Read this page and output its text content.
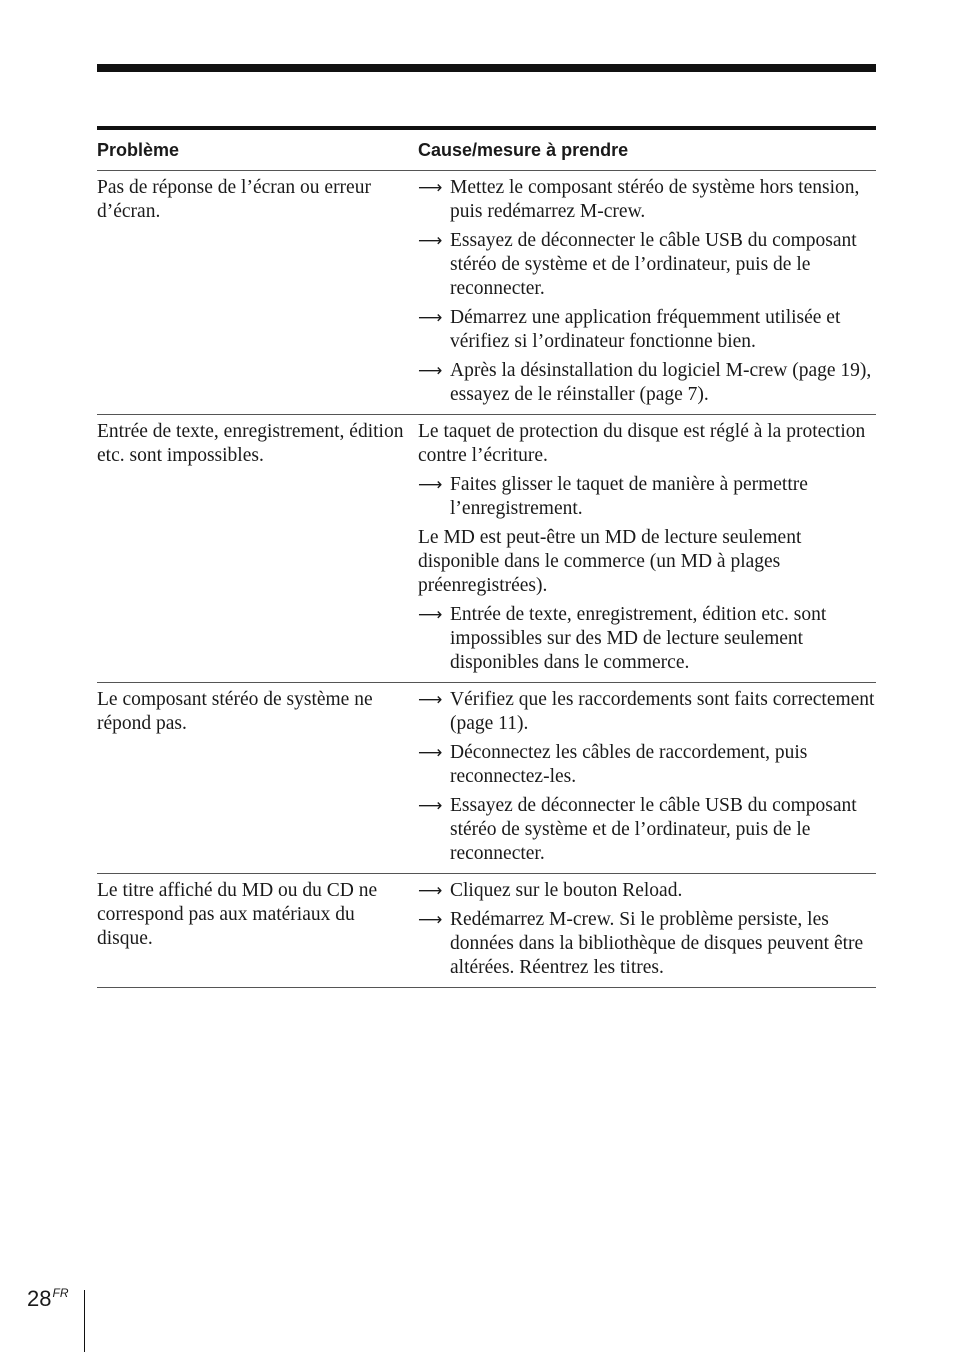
Problème	Cause/mesure à prendre
Pas de réponse de l’écran ou erreur d’écran.
⟶ Mettez le composant stéréo de système hors tension, puis redémarrez M-crew.
⟶ Essayez de déconnecter le câble USB du composant stéréo de système et de l’ordinateur, puis de le reconnecter.
⟶ Démarrez une application fréquemment utilisée et vérifiez si l’ordinateur fonctionne bien.
⟶ Après la désinstallation du logiciel M-crew (page 19), essayez de le réinstaller (page 7).
Entrée de texte, enregistrement, édition etc. sont impossibles.
Le taquet de protection du disque est réglé à la protection contre l’écriture.
⟶ Faites glisser le taquet de manière à permettre l’enregistrement.
Le MD est peut-être un MD de lecture seulement disponible dans le commerce (un MD à plages préenregistrées).
⟶ Entrée de texte, enregistrement, édition etc. sont impossibles sur des MD de lecture seulement disponibles dans le commerce.
Le composant stéréo de système ne répond pas.
⟶ Vérifiez que les raccordements sont faits correctement (page 11).
⟶ Déconnectez les câbles de raccordement, puis reconnectez-les.
⟶ Essayez de déconnecter le câble USB du composant stéréo de système et de l’ordinateur, puis de le reconnecter.
Le titre affiché du MD ou du CD ne correspond pas aux matériaux du disque.
⟶ Cliquez sur le bouton Reload.
⟶ Redémarrez M-crew. Si le problème persiste, les données dans la bibliothèque de disques peuvent être altérées. Réentrez les titres.
$28^{FR}$
